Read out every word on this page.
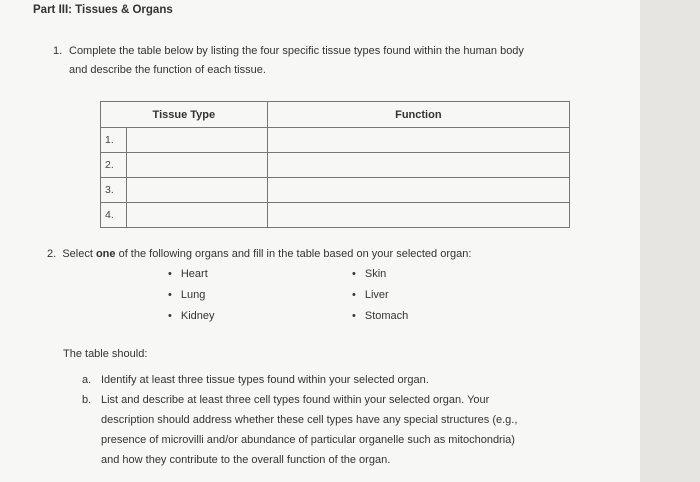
Part III: Tissues & Organs
1. Complete the table below by listing the four specific tissue types found within the human body
and describe the function of each tissue.
Tissue Type		Function
1.		
2.		
3.		
4.		
2. Select one of the following organs and fill in the table based on your selected organ:
• Heart
• Lung
• Kidney
• Skin
• Liver
• Stomach
The table should:
a. Identify at least three tissue types found within your selected organ.
b. List and describe at least three cell types found within your selected organ. Your
description should address whether these cell types have any special structures (e.g.,
presence of microvilli and/or abundance of particular organelle such as mitochondria)
and how they contribute to the overall function of the organ.
